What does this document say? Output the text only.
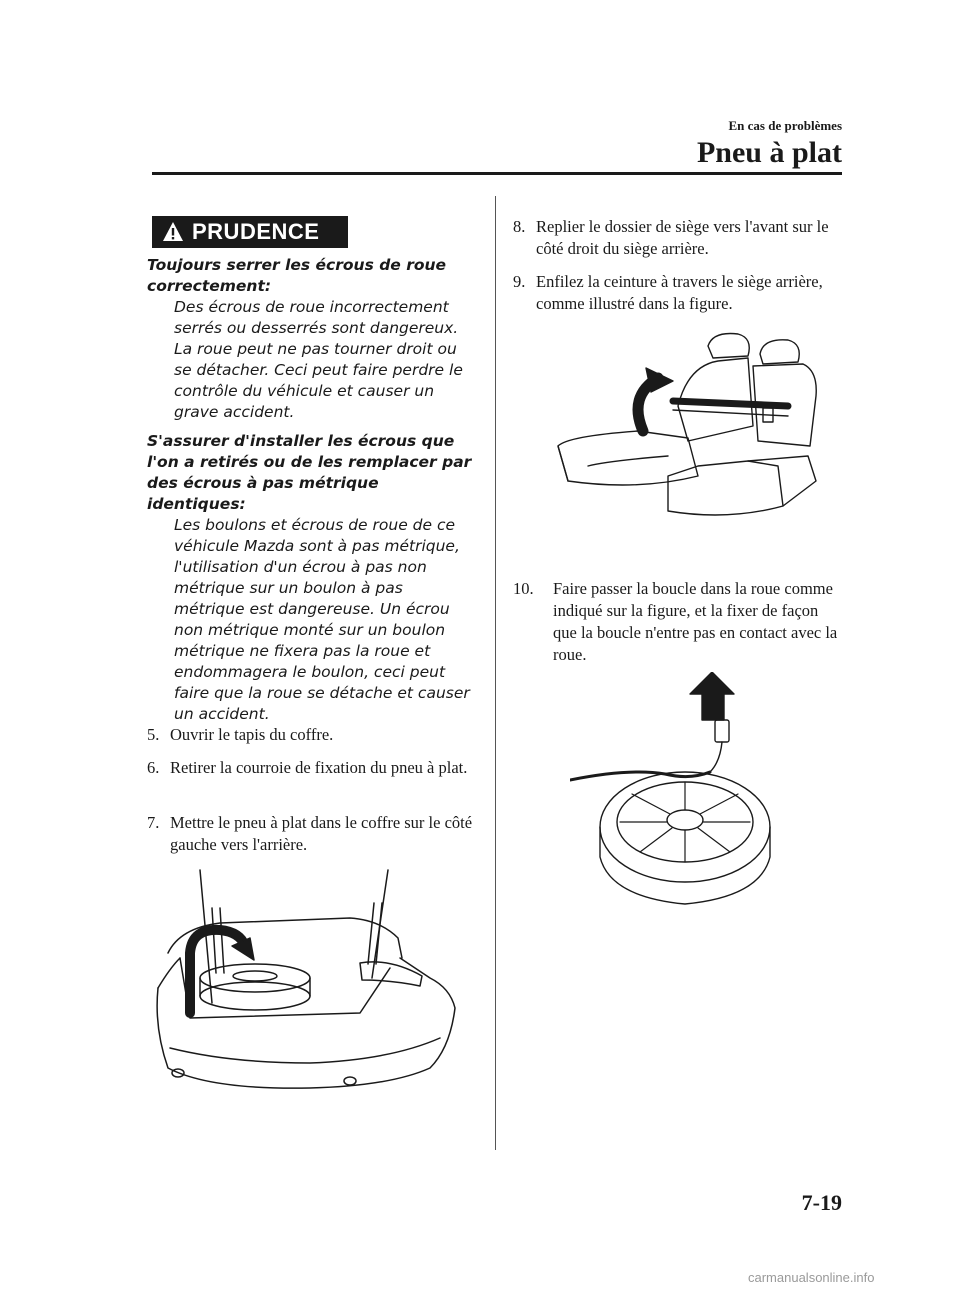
En cas de problèmes
Pneu à plat
PRUDENCE
Toujours serrer les écrous de roue correctement:
Des écrous de roue incorrectement serrés ou desserrés sont dangereux. La roue peut ne pas tourner droit ou se détacher. Ceci peut faire perdre le contrôle du véhicule et causer un grave accident.
S'assurer d'installer les écrous que l'on a retirés ou de les remplacer par des écrous à pas métrique identiques:
Les boulons et écrous de roue de ce véhicule Mazda sont à pas métrique, l'utilisation d'un écrou à pas non métrique sur un boulon à pas métrique est dangereuse. Un écrou non métrique monté sur un boulon métrique ne fixera pas la roue et endommagera le boulon, ceci peut faire que la roue se détache et causer un accident.
5. Ouvrir le tapis du coffre.
6. Retirer la courroie de fixation du pneu à plat.
7. Mettre le pneu à plat dans le coffre sur le côté gauche vers l'arrière.
8. Replier le dossier de siège vers l'avant sur le côté droit du siège arrière.
9. Enfilez la ceinture à travers le siège arrière, comme illustré dans la figure.
10.	Faire passer la boucle dans la roue comme indiqué sur la figure, et la fixer de façon que la boucle n'entre pas en contact avec la roue.
7-19
carmanualsonline.info
